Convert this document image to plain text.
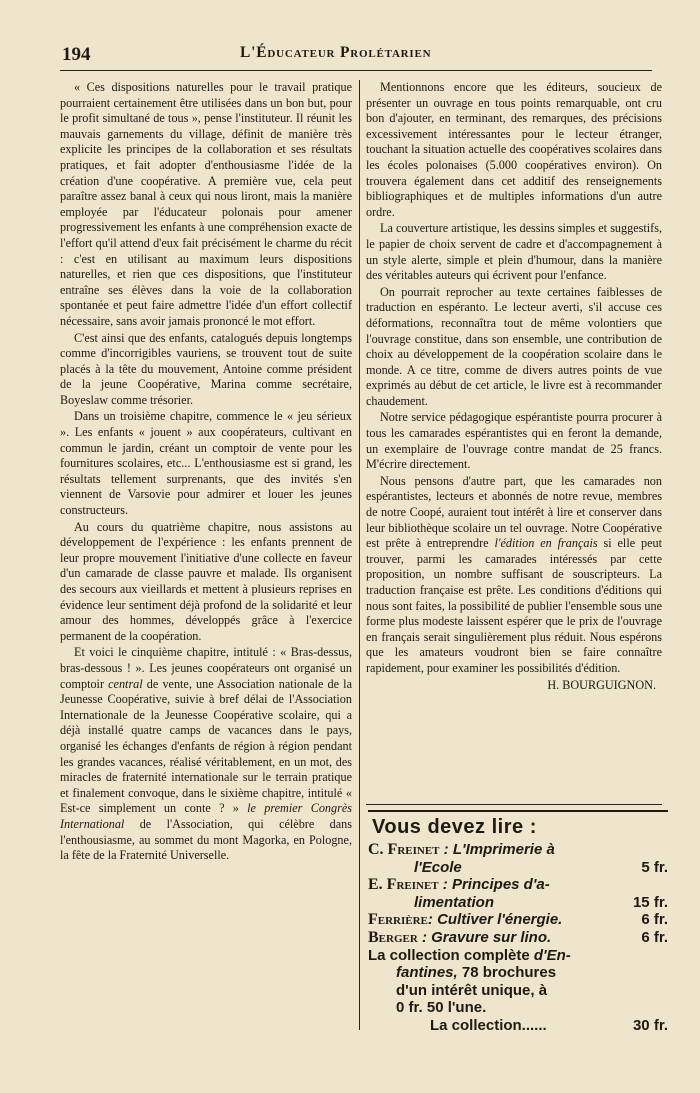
194	L'Éducateur Prolétarien

« Ces dispositions naturelles pour le travail pratique pourraient certainement être utilisées dans un bon but, pour le profit simultané de tous », pense l'instituteur. Il réunit les mauvais garnements du village, définit de manière très explicite les principes de la collaboration et ses résultats pratiques, et fait adopter d'enthousiasme l'idée de la création d'une coopérative. A première vue, cela peut paraître assez banal à ceux qui nous liront, mais la manière employée par l'éducateur polonais pour amener progressivement les enfants à une compréhension exacte de l'effort qu'il attend d'eux fait précisément le charme du récit : c'est en utilisant au maximum leurs dispositions naturelles, et rien que ces dispositions, que l'instituteur entraîne ses élèves dans la voie de la collaboration spontanée et peut faire admettre l'idée d'un effort collectif nécessaire, sans avoir jamais prononcé le mot effort.

C'est ainsi que des enfants, catalogués depuis longtemps comme d'incorrigibles vauriens, se trouvent tout de suite placés à la tête du mouvement, Antoine comme président de la jeune Coopérative, Marina comme secrétaire, Boyeslaw comme trésorier.

Dans un troisième chapitre, commence le « jeu sérieux ». Les enfants « jouent » aux coopérateurs, cultivant en commun le jardin, créant un comptoir de vente pour les fournitures scolaires, etc... L'enthousiasme est si grand, les résultats tellement surprenants, que des invités s'en viennent de Varsovie pour admirer et louer les jeunes constructeurs.

Au cours du quatrième chapitre, nous assistons au développement de l'expérience : les enfants prennent de leur propre mouvement l'initiative d'une collecte en faveur d'un camarade de classe pauvre et malade. Ils organisent des secours aux vieillards et mettent à plusieurs reprises en évidence leur sentiment déjà profond de la solidarité et leur amour des hommes, développés grâce à l'exercice permanent de la coopération.

Et voici le cinquième chapitre, intitulé : « Bras-dessus, bras-dessous ! ». Les jeunes coopérateurs ont organisé un comptoir central de vente, une Association nationale de la Jeunesse Coopérative, suivie à bref délai de l'Association Internationale de la Jeunesse Coopérative scolaire, qui a déjà installé quatre camps de vacances dans le pays, organisé les échanges d'enfants de région à région pendant les grandes vacances, réalisé véritablement, en un mot, des miracles de fraternité internationale sur le terrain pratique et finalement convoque, dans le sixième chapitre, intitulé « Est-ce simplement un conte ? » le premier Congrès International de l'Association, qui célèbre dans l'enthousiasme, au sommet du mont Magorka, en Pologne, la fête de la Fraternité Universelle.

Mentionnons encore que les éditeurs, soucieux de présenter un ouvrage en tous points remarquable, ont cru bon d'ajouter, en terminant, des remarques, des précisions excessivement intéressantes pour le lecteur étranger, touchant la situation actuelle des coopératives scolaires dans les écoles polonaises (5.000 coopératives environ). On trouvera également dans cet additif des renseignements bibliographiques et de multiples informations d'un autre ordre.

La couverture artistique, les dessins simples et suggestifs, le papier de choix servent de cadre et d'accompagnement à un style alerte, simple et plein d'humour, dans la manière des véritables auteurs qui écrivent pour l'enfance.

On pourrait reprocher au texte certaines faiblesses de traduction en espéranto. Le lecteur averti, s'il accuse ces déformations, reconnaîtra tout de même volontiers que l'ouvrage constitue, dans son ensemble, une contribution de choix au développement de la coopération scolaire dans le monde. A ce titre, comme de divers autres points de vue exprimés au début de cet article, le livre est à recommander chaudement.

Notre service pédagogique espérantiste pourra procurer à tous les camarades espérantistes qui en feront la demande, un exemplaire de l'ouvrage contre mandat de 25 francs. M'écrire directement.

Nous pensons d'autre part, que les camarades non espérantistes, lecteurs et abonnés de notre revue, membres de notre Coopé, auraient tout intérêt à lire et conserver dans leur bibliothèque scolaire un tel ouvrage. Notre Coopérative est prête à entreprendre l'édition en français si elle peut trouver, parmi les camarades intéressés par cette proposition, un nombre suffisant de souscripteurs. La traduction française est prête. Les conditions d'éditions qui nous sont faites, la possibilité de publier l'ensemble sous une forme plus modeste laissent espérer que le prix de l'ouvrage en français serait singulièrement plus réduit. Nous espérons que les amateurs voudront bien se faire connaître rapidement, pour examiner les possibilités d'édition.

H. BOURGUIGNON.
Vous devez lire :
C. Freinet : L'Imprimerie à
l'Ecole	5 fr.
E. Freinet : Principes d'a-
limentation	15 fr.
Ferrière: Cultiver l'énergie.	6 fr.
Berger : Gravure sur lino.	6 fr.
La collection complète d'En-
fantines, 78 brochures
d'un intérêt unique, à
0 fr. 50 l'une.
La collection......	30 fr.
